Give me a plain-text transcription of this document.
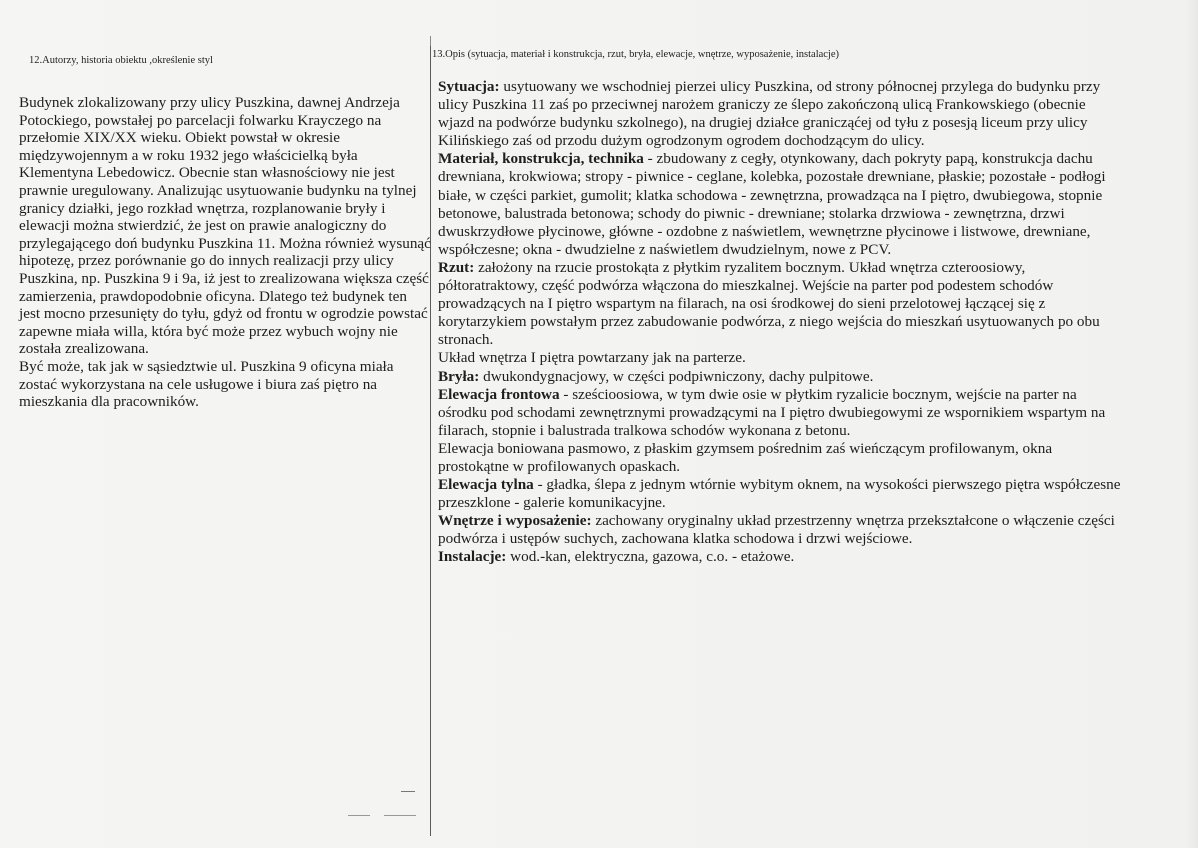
12.Autorzy, historia obiektu ,określenie styl

Budynek zlokalizowany przy ulicy Puszkina, dawnej Andrzeja Potockiego, powstałej po parcelacji folwarku Krayczego na przełomie XIX/XX wieku. Obiekt powstał w okresie międzywojennym a w roku 1932 jego właścicielką była Klementyna Lebedowicz. Obecnie stan własnościowy nie jest prawnie uregulowany. Analizując usytuowanie budynku na tylnej granicy działki, jego rozkład wnętrza, rozplanowanie bryły i elewacji można stwierdzić, że jest on prawie analogiczny do przylegającego doń budynku Puszkina 11. Można również wysunąć hipotezę, przez porównanie go do innych realizacji przy ulicy Puszkina, np. Puszkina 9 i 9a, iż jest to zrealizowana większa część zamierzenia, prawdopodobnie oficyna. Dlatego też budynek ten jest mocno przesunięty do tyłu, gdyż od frontu w ogrodzie powstać zapewne miała willa, która być może przez wybuch wojny nie została zrealizowana.

Być może, tak jak w sąsiedztwie ul. Puszkina 9 oficyna miała zostać wykorzystana na cele usługowe i biura zaś piętro na mieszkania dla pracowników.

13.Opis (sytuacja, materiał i konstrukcja, rzut, bryła, elewacje, wnętrze, wyposażenie, instalacje)

Sytuacja: usytuowany we wschodniej pierzei ulicy Puszkina, od strony północnej przylega do budynku przy ulicy Puszkina 11 zaś po przeciwnej narożem graniczy ze ślepo zakończoną ulicą Frankowskiego (obecnie wjazd na podwórze budynku szkolnego), na drugiej działce granicząćej od tyłu z posesją liceum przy ulicy Kilińskiego zaś od przodu dużym ogrodzonym ogrodem dochodzącym do ulicy.

Materiał, konstrukcja, technika - zbudowany z cegły, otynkowany, dach pokryty papą, konstrukcja dachu drewniana, krokwiowa; stropy - piwnice - ceglane, kolebka, pozostałe drewniane, płaskie; pozostałe - podłogi białe, w części parkiet, gumolit; klatka schodowa - zewnętrzna, prowadząca na I piętro, dwubiegowa, stopnie betonowe, balustrada betonowa; schody do piwnic - drewniane; stolarka drzwiowa - zewnętrzna, drzwi dwuskrzydłowe płycinowe, główne - ozdobne z naświetlem, wewnętrzne płycinowe i listwowe, drewniane, współczesne; okna - dwudzielne z naświetlem dwudzielnym, nowe z PCV.

Rzut: założony na rzucie prostokąta z płytkim ryzalitem bocznym. Układ wnętrza czteroosiowy, półtoratraktowy, część podwórza włączona do mieszkalnej. Wejście na parter pod podestem schodów prowadzących na I piętro wspartym na filarach, na osi środkowej do sieni przelotowej łączącej się z korytarzykiem powstałym przez zabudowanie podwórza, z niego wejścia do mieszkań usytuowanych po obu stronach.

Układ wnętrza I piętra powtarzany jak na parterze.

Bryła: dwukondygnacjowy, w części podpiwniczony, dachy pulpitowe.

Elewacja frontowa - sześcioosiowa, w tym dwie osie w płytkim ryzalicie bocznym, wejście na parter na ośrodku pod schodami zewnętrznymi prowadzącymi na I piętro dwubiegowymi ze wspornikiem wspartym na filarach, stopnie i balustrada tralkowa schodów wykonana z betonu.

Elewacja boniowana pasmowo, z płaskim gzymsem pośrednim zaś wieńczącym profilowanym, okna prostokątne w profilowanych opaskach.

Elewacja tylna - gładka, ślepa z jednym wtórnie wybitym oknem, na wysokości pierwszego piętra współczesne przeszklone - galerie komunikacyjne.

Wnętrze i wyposażenie: zachowany oryginalny układ przestrzenny wnętrza przekształcone o włączenie części podwórza i ustępów suchych, zachowana klatka schodowa i drzwi wejściowe.

Instalacje: wod.-kan, elektryczna, gazowa, c.o. - etażowe.
